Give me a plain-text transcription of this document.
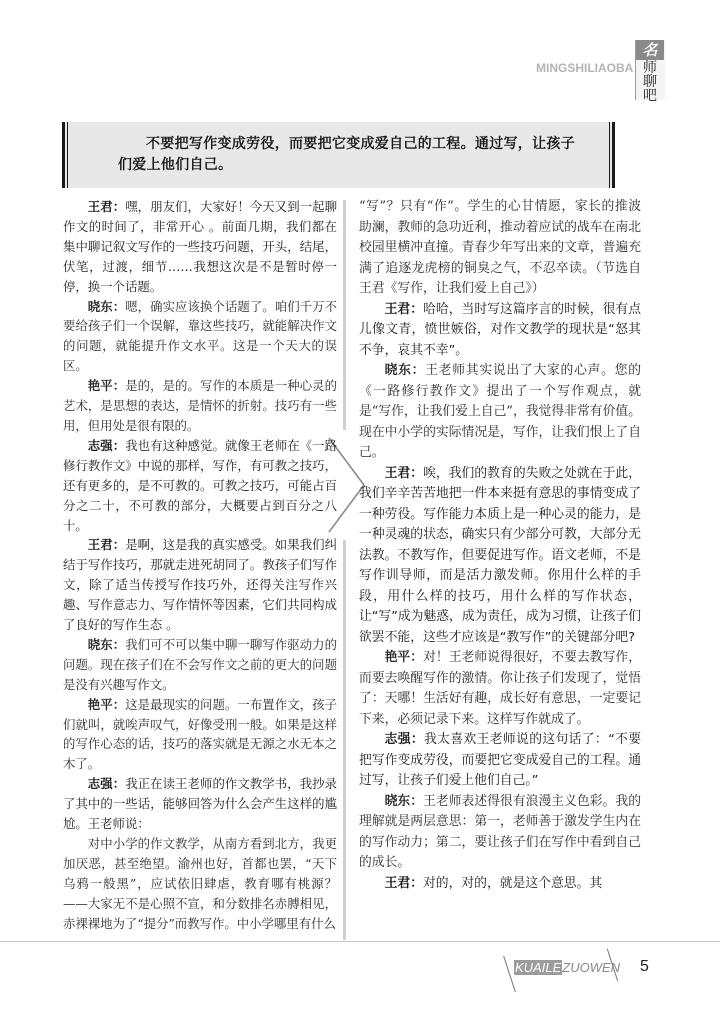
MINGSHILIAOBA
名
师
聊
吧
不要把写作变成劳役，而要把它变成爱自己的工程。通过写，让孩子们爱上他们自己。

王君：嘿，朋友们，大家好！今天又到一起聊作文的时间了，非常开心 。前面几期，我们都在集中聊记叙文写作的一些技巧问题，开头，结尾，伏笔，过渡，细节……我想这次是不是暂时停一停，换一个话题。

晓东：嗯，确实应该换个话题了。咱们千万不要给孩子们一个误解，靠这些技巧，就能解决作文的问题，就能提升作文水平。这是一个天大的误区。

艳平：是的，是的。写作的本质是一种心灵的艺术，是思想的表达，是情怀的折射。技巧有一些用，但用处是很有限的。

志强：我也有这种感觉。就像王老师在《一路修行教作文》中说的那样，写作，有可教之技巧，还有更多的，是不可教的。可教之技巧，可能占百分之二十，不可教的部分，大概要占到百分之八十。

王君：是啊，这是我的真实感受。如果我们纠结于写作技巧，那就走进死胡同了。教孩子们写作文，除了适当传授写作技巧外，还得关注写作兴趣、写作意志力、写作情怀等因素，它们共同构成了良好的写作生态 。

晓东：我们可不可以集中聊一聊写作驱动力的问题。现在孩子们在不会写作文之前的更大的问题是没有兴趣写作文。

艳平：这是最现实的问题。一布置作文，孩子们就叫，就唉声叹气，好像受刑一般。如果是这样的写作心态的话，技巧的落实就是无源之水无本之木了。

志强：我正在读王老师的作文教学书，我抄录了其中的一些话，能够回答为什么会产生这样的尴尬。王老师说：

对中小学的作文教学，从南方看到北方，我更加厌恶，甚至绝望。渝州也好，首都也罢，“天下乌鸦一般黑”，应试依旧肆虐，教育哪有桃源？——大家无不是心照不宣，和分数排名赤膊相见，赤裸裸地为了“提分”而教写作。中小学哪里有什么

“写”？只有“作”。学生的心甘情愿，家长的推波助澜，教师的急功近利，推动着应试的战车在南北校园里横冲直撞。青春少年写出来的文章，普遍充满了追逐龙虎榜的铜臭之气，不忍卒读。（节选自王君《写作，让我们爱上自己》）

王君：哈哈，当时写这篇序言的时候，很有点儿像文青，愤世嫉俗，对作文教学的现状是“怒其不争，哀其不幸”。

晓东：王老师其实说出了大家的心声。您的《一路修行教作文》提出了一个写作观点，就是“写作，让我们爱上自己”，我觉得非常有价值。现在中小学的实际情况是，写作，让我们恨上了自己。

王君：唉，我们的教育的失败之处就在于此，我们辛辛苦苦地把一件本来挺有意思的事情变成了一种劳役。写作能力本质上是一种心灵的能力，是一种灵魂的状态，确实只有少部分可教，大部分无法教。不教写作，但要促进写作。语文老师，不是写作训导师，而是活力激发师。你用什么样的手段，用什么样的技巧，用什么样的写作状态，让“写”成为魅惑，成为责任，成为习惯，让孩子们欲罢不能，这些才应该是“教写作”的关键部分吧?

艳平：对！王老师说得很好，不要去教写作，而要去唤醒写作的激情。你让孩子们发现了，觉悟了：天哪！生活好有趣，成长好有意思，一定要记下来，必须记录下来。这样写作就成了。

志强：我太喜欢王老师说的这句话了：“不要把写作变成劳役，而要把它变成爱自己的工程。通过写，让孩子们爱上他们自己。”

晓东：王老师表述得很有浪漫主义色彩。我的理解就是两层意思：第一，老师善于激发学生内在的写作动力；第二，要让孩子们在写作中看到自己的成长。

王君：对的，对的，就是这个意思。其

KUAILEZUOWEN 5
